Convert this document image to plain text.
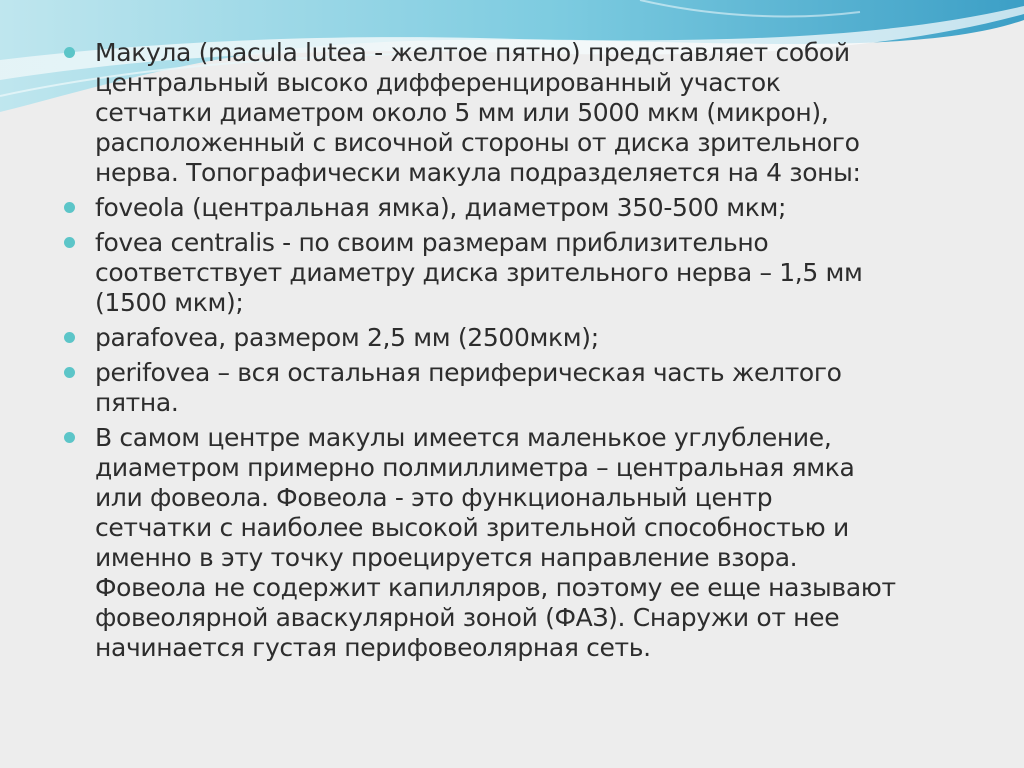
Макула (macula lutea - желтое пятно) представляет собой
центральный высоко дифференцированный участок
сетчатки диаметром около 5 мм или 5000 мкм (микрон),
расположенный с височной стороны от диска зрительного
нерва. Топографически макула подразделяется на 4 зоны:
foveola (центральная ямка), диаметром 350-500 мкм;
fovea centralis - по своим размерам приблизительно
соответствует диаметру диска зрительного нерва – 1,5 мм
(1500 мкм);
parafovea, размером 2,5 мм (2500мкм);
perifovea – вся остальная периферическая часть желтого
пятна.
В самом центре макулы имеется маленькое углубление,
диаметром примерно полмиллиметра – центральная ямка
или фовеола. Фовеола - это функциональный центр
сетчатки с наиболее высокой зрительной способностью и
именно в эту точку проецируется направление взора.
Фовеола не содержит капилляров, поэтому ее еще называют
фовеолярной аваскулярной зоной (ФАЗ). Снаружи от нее
начинается густая перифовеолярная сеть.
